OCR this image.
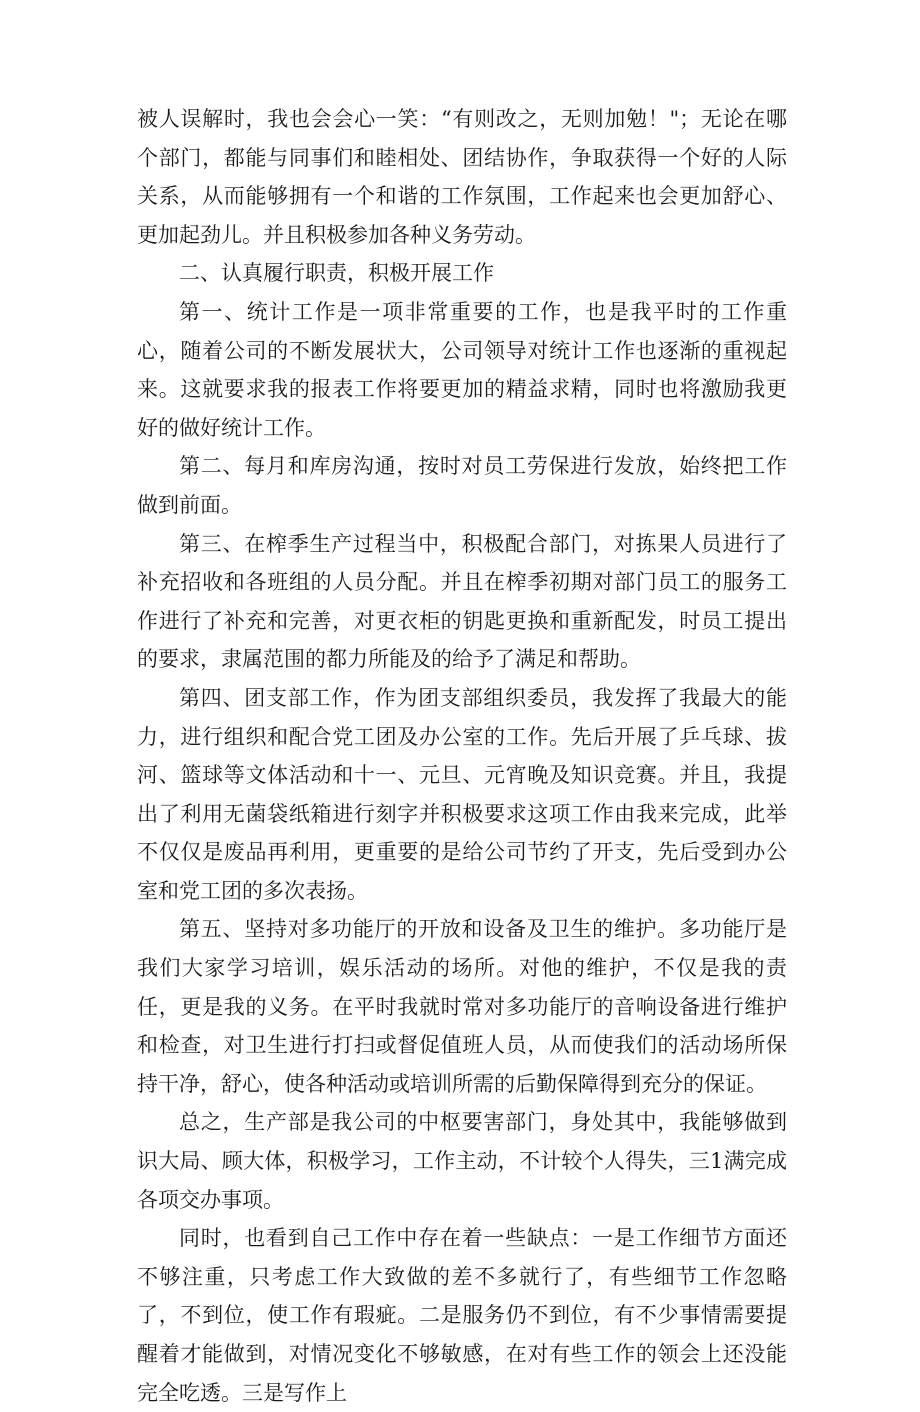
被人误解时，我也会会心一笑：“有则改之，无则加勉！"；无论在哪个部门，都能与同事们和睦相处、团结协作，争取获得一个好的人际关系，从而能够拥有一个和谐的工作氛围，工作起来也会更加舒心、更加起劲儿。并且积极参加各种义务劳动。

二、认真履行职责，积极开展工作

第一、统计工作是一项非常重要的工作，也是我平时的工作重心，随着公司的不断发展状大，公司领导对统计工作也逐渐的重视起来。这就要求我的报表工作将要更加的精益求精，同时也将激励我更好的做好统计工作。

第二、每月和库房沟通，按时对员工劳保进行发放，始终把工作做到前面。

第三、在榨季生产过程当中，积极配合部门，对拣果人员进行了补充招收和各班组的人员分配。并且在榨季初期对部门员工的服务工作进行了补充和完善，对更衣柜的钥匙更换和重新配发，时员工提出的要求，隶属范围的都力所能及的给予了满足和帮助。

第四、团支部工作，作为团支部组织委员，我发挥了我最大的能力，进行组织和配合党工团及办公室的工作。先后开展了乒乓球、拔河、篮球等文体活动和十一、元旦、元宵晚及知识竞赛。并且，我提出了利用无菌袋纸箱进行刻字并积极要求这项工作由我来完成，此举不仅仅是废品再利用，更重要的是给公司节约了开支，先后受到办公室和党工团的多次表扬。

第五、坚持对多功能厅的开放和设备及卫生的维护。多功能厅是我们大家学习培训，娱乐活动的场所。对他的维护，不仅是我的责任，更是我的义务。在平时我就时常对多功能厅的音响设备进行维护和检查，对卫生进行打扫或督促值班人员，从而使我们的活动场所保持干净，舒心，使各种活动或培训所需的后勤保障得到充分的保证。

总之，生产部是我公司的中枢要害部门，身处其中，我能够做到识大局、顾大体，积极学习，工作主动，不计较个人得失，三1满完成各项交办事项。

同时，也看到自己工作中存在着一些缺点：一是工作细节方面还不够注重，只考虑工作大致做的差不多就行了，有些细节工作忽略了，不到位，使工作有瑕疵。二是服务仍不到位，有不少事情需要提醒着才能做到，对情况变化不够敏感，在对有些工作的领会上还没能完全吃透。三是写作上
